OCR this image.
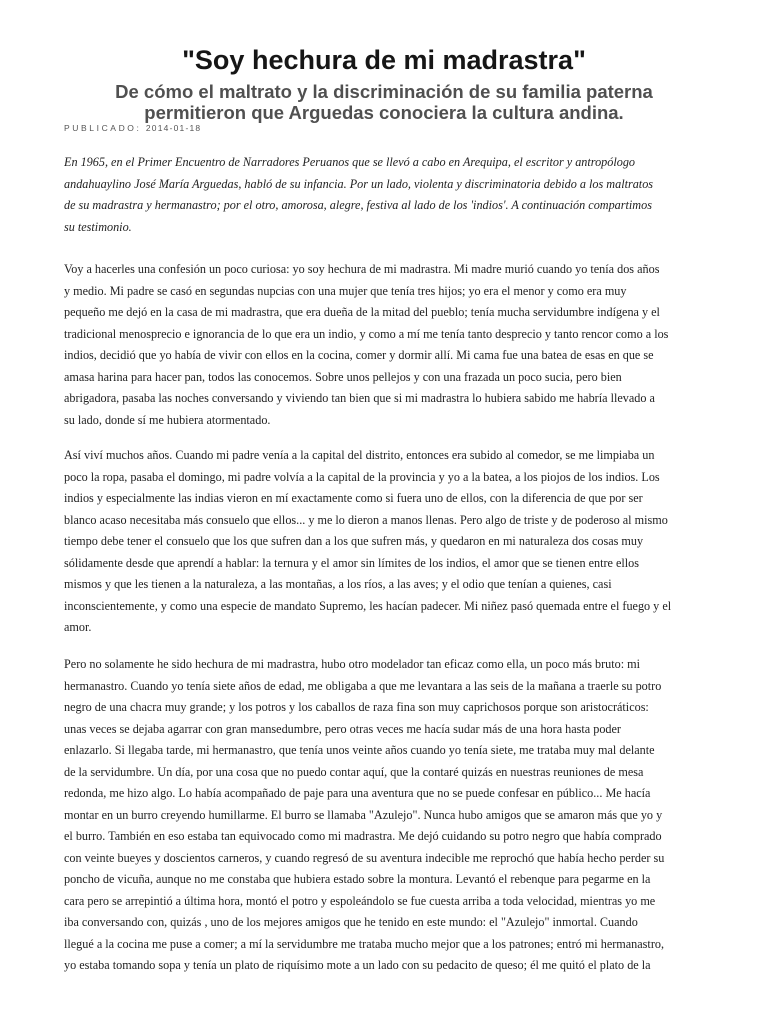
"Soy hechura de mi madrastra"
De cómo el maltrato y la discriminación de su familia paterna
permitieron que Arguedas conociera la cultura andina.
PUBLICADO: 2014-01-18
En 1965, en el Primer Encuentro de Narradores Peruanos que se llevó a cabo en Arequipa, el escritor y antropólogo
andahuaylino José María Arguedas, habló de su infancia. Por un lado, violenta y discriminatoria debido a los maltratos
de su madrastra y hermanastro; por el otro, amorosa, alegre, festiva al lado de los 'indios'. A continuación compartimos
su testimonio.
Voy a hacerles una confesión un poco curiosa: yo soy hechura de mi madrastra. Mi madre murió cuando yo tenía dos años
y medio. Mi padre se casó en segundas nupcias con una mujer que tenía tres hijos; yo era el menor y como era muy
pequeño me dejó en la casa de mi madrastra, que era dueña de la mitad del pueblo; tenía mucha servidumbre indígena y el
tradicional menosprecio e ignorancia de lo que era un indio, y como a mí me tenía tanto desprecio y tanto rencor como a los
indios, decidió que yo había de vivir con ellos en la cocina, comer y dormir allí. Mi cama fue una batea de esas en que se
amasa harina para hacer pan, todos las conocemos. Sobre unos pellejos y con una frazada un poco sucia, pero bien
abrigadora, pasaba las noches conversando y viviendo tan bien que si mi madrastra lo hubiera sabido me habría llevado a
su lado, donde sí me hubiera atormentado.
Así viví muchos años. Cuando mi padre venía a la capital del distrito, entonces era subido al comedor, se me limpiaba un
poco la ropa, pasaba el domingo, mi padre volvía a la capital de la provincia y yo a la batea, a los piojos de los indios. Los
indios y especialmente las indias vieron en mí exactamente como si fuera uno de ellos, con la diferencia de que por ser
blanco acaso necesitaba más consuelo que ellos... y me lo dieron a manos llenas. Pero algo de triste y de poderoso al mismo
tiempo debe tener el consuelo que los que sufren dan a los que sufren más, y quedaron en mi naturaleza dos cosas muy
sólidamente desde que aprendí a hablar: la ternura y el amor sin límites de los indios, el amor que se tienen entre ellos
mismos y que les tienen a la naturaleza, a las montañas, a los ríos, a las aves; y el odio que tenían a quienes, casi
inconscientemente, y como una especie de mandato Supremo, les hacían padecer. Mi niñez pasó quemada entre el fuego y el
amor.
Pero no solamente he sido hechura de mi madrastra, hubo otro modelador tan eficaz como ella, un poco más bruto: mi
hermanastro. Cuando yo tenía siete años de edad, me obligaba a que me levantara a las seis de la mañana a traerle su potro
negro de una chacra muy grande; y los potros y los caballos de raza fina son muy caprichosos porque son aristocráticos:
unas veces se dejaba agarrar con gran mansedumbre, pero otras veces me hacía sudar más de una hora hasta poder
enlazarlo. Si llegaba tarde, mi hermanastro, que tenía unos veinte años cuando yo tenía siete, me trataba muy mal delante
de la servidumbre. Un día, por una cosa que no puedo contar aquí, que la contaré quizás en nuestras reuniones de mesa
redonda, me hizo algo. Lo había acompañado de paje para una aventura que no se puede confesar en público... Me hacía
montar en un burro creyendo humillarme. El burro se llamaba "Azulejo". Nunca hubo amigos que se amaron más que yo y
el burro. También en eso estaba tan equivocado como mi madrastra. Me dejó cuidando su potro negro que había comprado
con veinte bueyes y doscientos carneros, y cuando regresó de su aventura indecible me reprochó que había hecho perder su
poncho de vicuña, aunque no me constaba que hubiera estado sobre la montura. Levantó el rebenque para pegarme en la
cara pero se arrepintió a última hora, montó el potro y espoleándolo se fue cuesta arriba a toda velocidad, mientras yo me
iba conversando con, quizás , uno de los mejores amigos que he tenido en este mundo: el "Azulejo" inmortal. Cuando
llegué a la cocina me puse a comer; a mí la servidumbre me trataba mucho mejor que a los patrones; entró mi hermanastro,
yo estaba tomando sopa y tenía un plato de riquísimo mote a un lado con su pedacito de queso; él me quitó el plato de la
